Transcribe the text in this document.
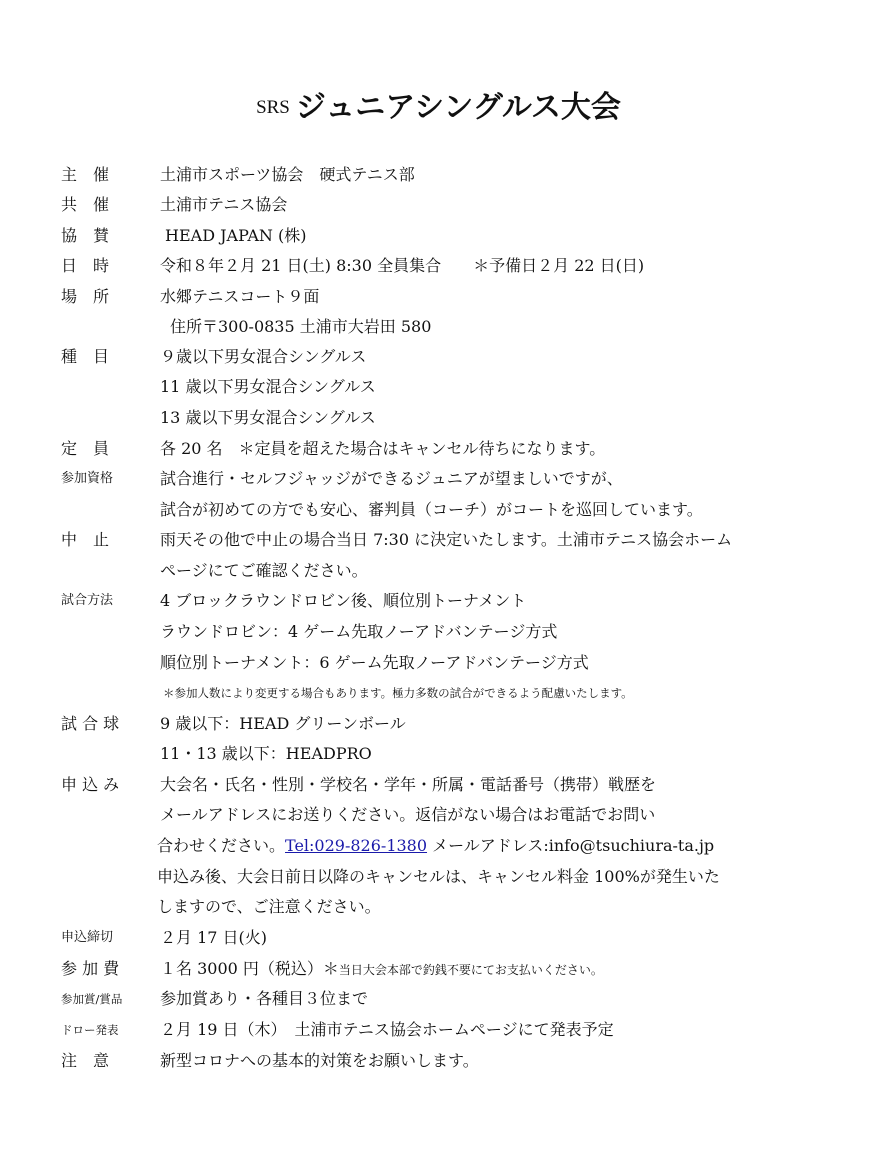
SRS ジュニアシングルス大会
主　催	土浦市スポーツ協会　硬式テニス部
共　催	土浦市テニス協会
協　賛	HEAD JAPAN (株)
日　時	令和８年２月 21 日(土) 8:30 全員集合　　＊予備日２月 22 日(日)
場　所	水郷テニスコート９面
住所〒300-0835 土浦市大岩田 580
種　目	９歳以下男女混合シングルス
11 歳以下男女混合シングルス
13 歳以下男女混合シングルス
定　員	各 20 名　＊定員を超えた場合はキャンセル待ちになります。
参加資格	試合進行・セルフジャッジができるジュニアが望ましいですが、
試合が初めての方でも安心、審判員（コーチ）がコートを巡回しています。
中　止	雨天その他で中止の場合当日 7:30 に決定いたします。土浦市テニス協会ホーム
ページにてご確認ください。
試合方法	4 ブロックラウンドロビン後、順位別トーナメント
ラウンドロビン：4 ゲーム先取ノーアドバンテージ方式
順位別トーナメント：6 ゲーム先取ノーアドバンテージ方式
＊参加人数により変更する場合もあります。極力多数の試合ができるよう配慮いたします。
試 合 球	9 歳以下：HEAD グリーンボール
11・13 歳以下：HEADPRO
申 込 み	大会名・氏名・性別・学校名・学年・所属・電話番号（携帯）戦歴を
メールアドレスにお送りください。返信がない場合はお電話でお問い
合わせください。Tel:029-826-1380 メールアドレス:info@tsuchiura-ta.jp
申込み後、大会日前日以降のキャンセルは、キャンセル料金 100%が発生いた
しますので、ご注意ください。
申込締切	２月 17 日(火)
参 加 費	１名 3000 円（税込）＊当日大会本部で釣銭不要にてお支払いください。
参加賞/賞品 参加賞あり・各種目３位まで
ドロー発表	２月 19 日（木）　土浦市テニス協会ホームページにて発表予定
注　意	新型コロナへの基本的対策をお願いします。
